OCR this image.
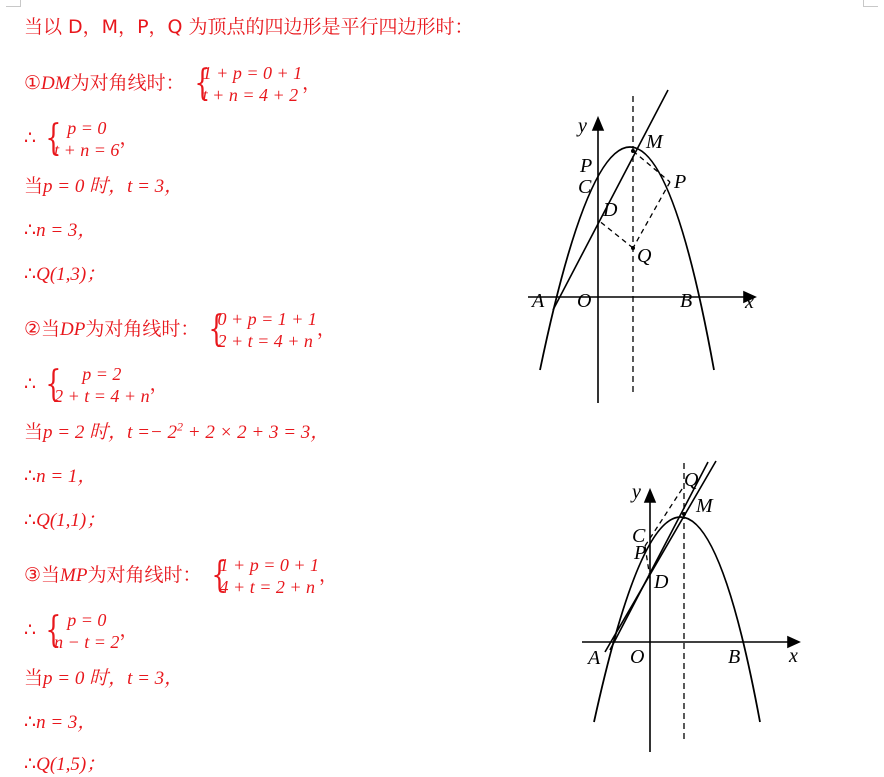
当以 D，M，P，Q 为顶点的四边形是平行四边形时：
①DM为对角线时： {
1 + p = 0 + 1
t + n = 4 + 2
，
∴ { p = 0
t + n = 6
，
当p = 0 时，t = 3，
∴n = 3，
∴Q(1,3)；
②当DP为对角线时： {
0 + p = 1 + 1
2 + t = 4 + n
，
∴ {	p = 2
2 + t = 4 + n
，
当p = 2 时，$t =- 2^2 + 2 \times 2 + 3 = 3$，
∴n = 1，
∴Q(1,1)；
③当MP为对角线时： {
1 + p = 0 + 1
4 + t = 2 + n
，
∴ { p = 0
n − t = 2
，
当p = 0 时，t = 3，
∴n = 3，
∴Q(1,5)；
y
M
P
C	P
D
Q
A O	B	x
Q
y
M
C
P
D
A O	B x
